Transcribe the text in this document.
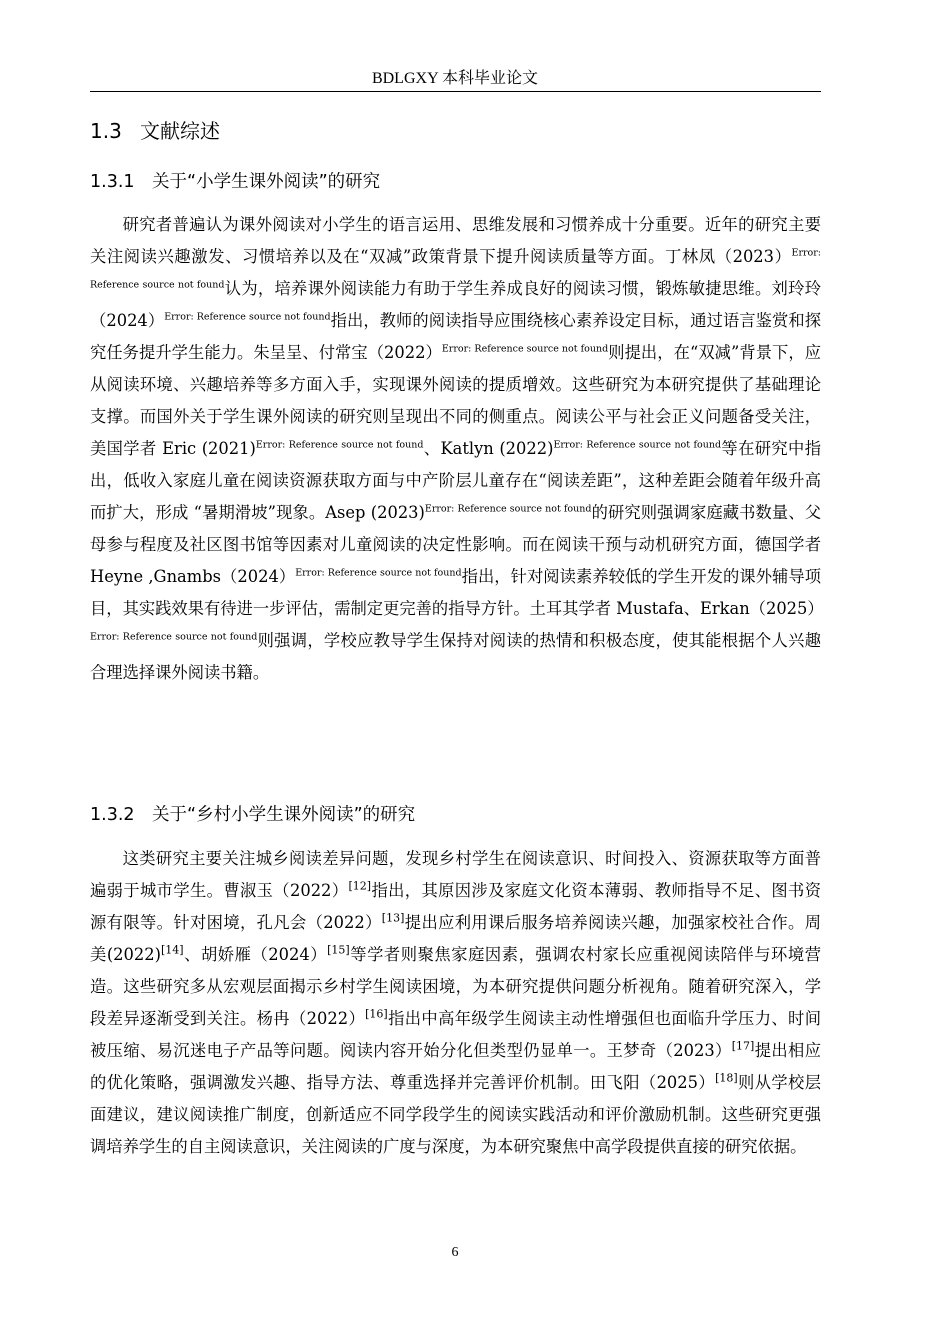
BDLGXY 本科毕业论文
1.3 文献综述
1.3.1 关于“小学生课外阅读”的研究
研究者普遍认为课外阅读对小学生的语言运用、思维发展和习惯养成十分重要。近年的研究主要关注阅读兴趣激发、习惯培养以及在“双减”政策背景下提升阅读质量等方面。丁林凤$(2023)^{Error: Reference source not found}$认为，培养课外阅读能力有助于学生养成良好的阅读习惯，锻炼敏捷思维。刘玲玲$(2024)^{Error: Reference source not found}$指出，教师的阅读指导应围绕核心素养设定目标，通过语言鉴赏和探究任务提升学生能力。朱呈呈、付常宝$(2022)^{Error: Reference source not found}$则提出，在“双减”背景下，应从阅读环境、兴趣培养等多方面入手，实现课外阅读的提质增效。这些研究为本研究提供了基础理论支撑。而国外关于学生课外阅读的研究则呈现出不同的侧重点。阅读公平与社会正义问题备受关注，美国学者 Eric $(2021)^{Error: Reference source not found}$、Katlyn $(2022)^{Error: Reference source not found}$等在研究中指出，低收入家庭儿童在阅读资源获取方面与中产阶层儿童存在“阅读差距”，这种差距会随着年级升高而扩大，形成 “暑期滑坡”现象。Asep $(2023)^{Error: Reference source not found}$的研究则强调家庭藏书数量、父母参与程度及社区图书馆等因素对儿童阅读的决定性影响。而在阅读干预与动机研究方面，德国学者 Heyne $,Gnambs(2024)^{Error: Reference source not found}$指出，针对阅读素养较低的学生开发的课外辅导项目，其实践效果有待进一步评估，需制定更完善的指导方针。土耳其学者 Mustafa、$Erkan(2025)^{Error: Reference source not found}$则强调，学校应教导学生保持对阅读的热情和积极态度，使其能根据个人兴趣合理选择课外阅读书籍。
1.3.2 关于“乡村小学生课外阅读”的研究
这类研究主要关注城乡阅读差异问题，发现乡村学生在阅读意识、时间投入、资源获取等方面普遍弱于城市学生。曹淑玉（2022）[12]指出，其原因涉及家庭文化资本薄弱、教师指导不足、图书资源有限等。针对困境，孔凡会（2022）[13]提出应利用课后服务培养阅读兴趣，加强家校社合作。周美(2022)[14]、胡娇雁（2024）[15]等学者则聚焦家庭因素，强调农村家长应重视阅读陪伴与环境营造。这些研究多从宏观层面揭示乡村学生阅读困境，为本研究提供问题分析视角。随着研究深入，学段差异逐渐受到关注。杨冉（2022）[16]指出中高年级学生阅读主动性增强但也面临升学压力、时间被压缩、易沉迷电子产品等问题。阅读内容开始分化但类型仍显单一。王梦奇（2023）[17]提出相应的优化策略，强调激发兴趣、指导方法、尊重选择并完善评价机制。田飞阳（2025）[18]则从学校层面建议，建议阅读推广制度，创新适应不同学段学生的阅读实践活动和评价激励机制。这些研究更强调培养学生的自主阅读意识，关注阅读的广度与深度，为本研究聚焦中高学段提供直接的研究依据。
6
